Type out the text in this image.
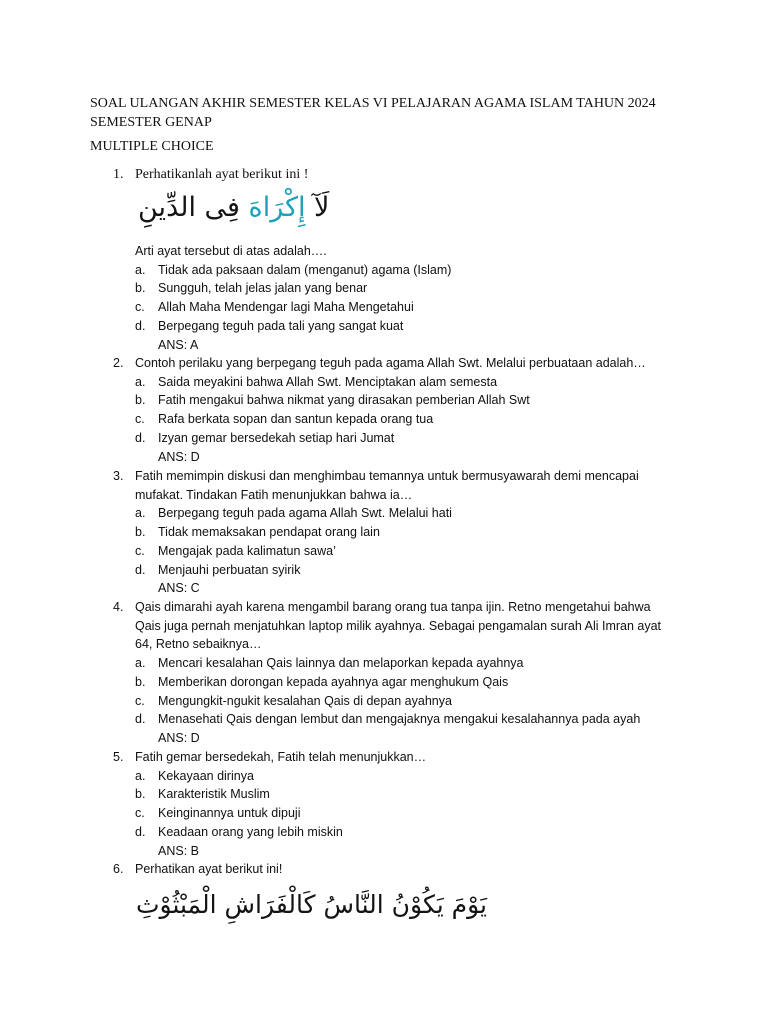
SOAL ULANGAN AKHIR SEMESTER KELAS VI PELAJARAN AGAMA ISLAM TAHUN 2024
SEMESTER GENAP
MULTIPLE CHOICE
1. Perhatikanlah ayat berikut ini !
لَآ إِكْرَاهَ فِى الدِّينِ
Arti ayat tersebut di atas adalah….
a.	Tidak ada paksaan dalam (menganut) agama (Islam)
b.	Sungguh, telah jelas jalan yang benar
c.	Allah Maha Mendengar lagi Maha Mengetahui
d.	Berpegang teguh pada tali yang sangat kuat
ANS: A
2. Contoh perilaku yang berpegang teguh pada agama Allah Swt. Melalui perbuataan adalah…
a.	Saida meyakini bahwa Allah Swt. Menciptakan alam semesta
b.	Fatih mengakui bahwa nikmat yang dirasakan pemberian Allah Swt
c.	Rafa berkata sopan dan santun kepada orang tua
d.	Izyan gemar bersedekah setiap hari Jumat
ANS: D
3. Fatih memimpin diskusi dan menghimbau temannya untuk bermusyawarah demi mencapai mufakat. Tindakan Fatih menunjukkan bahwa ia…
a.	Berpegang teguh pada agama Allah Swt. Melalui hati
b.	Tidak memaksakan pendapat orang lain
c.	Mengajak pada kalimatun sawa’
d.	Menjauhi perbuatan syirik
ANS: C
4. Qais dimarahi ayah karena mengambil barang orang tua tanpa ijin. Retno mengetahui bahwa Qais juga pernah menjatuhkan laptop milik ayahnya. Sebagai pengamalan surah Ali Imran ayat 64, Retno sebaiknya…
a.	Mencari kesalahan Qais lainnya dan melaporkan kepada ayahnya
b.	Memberikan dorongan kepada ayahnya agar menghukum Qais
c.	Mengungkit-ngukit kesalahan Qais di depan ayahnya
d.	Menasehati Qais dengan lembut dan mengajaknya mengakui kesalahannya pada ayah
ANS: D
5. Fatih gemar bersedekah, Fatih telah menunjukkan…
a.	Kekayaan dirinya
b.	Karakteristik Muslim
c.	Keinginannya untuk dipuji
d.	Keadaan orang yang lebih miskin
ANS: B
6. Perhatikan ayat berikut ini!
يَوْمَ يَكُوْنُ النَّاسُ كَالْفَرَاشِ الْمَبْثُوْثِ
